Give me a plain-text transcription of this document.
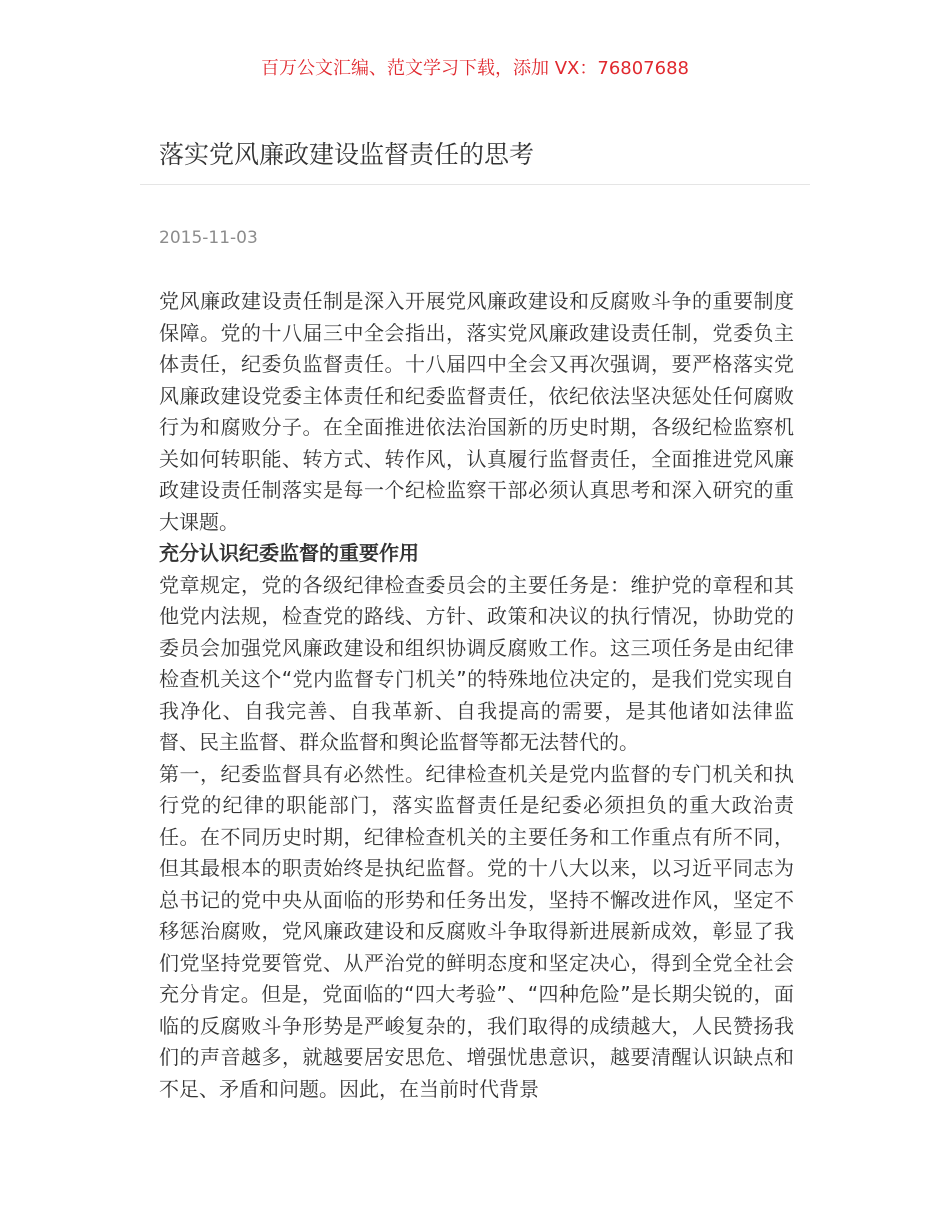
百万公文汇编、范文学习下载，添加 VX：76807688
落实党风廉政建设监督责任的思考
2015-11-03

党风廉政建设责任制是深入开展党风廉政建设和反腐败斗争的重要制度保障。党的十八届三中全会指出，落实党风廉政建设责任制，党委负主体责任，纪委负监督责任。十八届四中全会又再次强调，要严格落实党风廉政建设党委主体责任和纪委监督责任，依纪依法坚决惩处任何腐败行为和腐败分子。在全面推进依法治国新的历史时期，各级纪检监察机关如何转职能、转方式、转作风，认真履行监督责任，全面推进党风廉政建设责任制落实是每一个纪检监察干部必须认真思考和深入研究的重大课题。

充分认识纪委监督的重要作用

党章规定，党的各级纪律检查委员会的主要任务是：维护党的章程和其他党内法规，检查党的路线、方针、政策和决议的执行情况，协助党的委员会加强党风廉政建设和组织协调反腐败工作。这三项任务是由纪律检查机关这个“党内监督专门机关”的特殊地位决定的，是我们党实现自我净化、自我完善、自我革新、自我提高的需要，是其他诸如法律监督、民主监督、群众监督和舆论监督等都无法替代的。

第一，纪委监督具有必然性。纪律检查机关是党内监督的专门机关和执行党的纪律的职能部门，落实监督责任是纪委必须担负的重大政治责任。在不同历史时期，纪律检查机关的主要任务和工作重点有所不同，但其最根本的职责始终是执纪监督。党的十八大以来，以习近平同志为总书记的党中央从面临的形势和任务出发，坚持不懈改进作风，坚定不移惩治腐败，党风廉政建设和反腐败斗争取得新进展新成效，彰显了我们党坚持党要管党、从严治党的鲜明态度和坚定决心，得到全党全社会充分肯定。但是，党面临的“四大考验”、“四种危险”是长期尖锐的，面临的反腐败斗争形势是严峻复杂的，我们取得的成绩越大，人民赞扬我们的声音越多，就越要居安思危、增强忧患意识，越要清醒认识缺点和不足、矛盾和问题。因此，在当前时代背景
